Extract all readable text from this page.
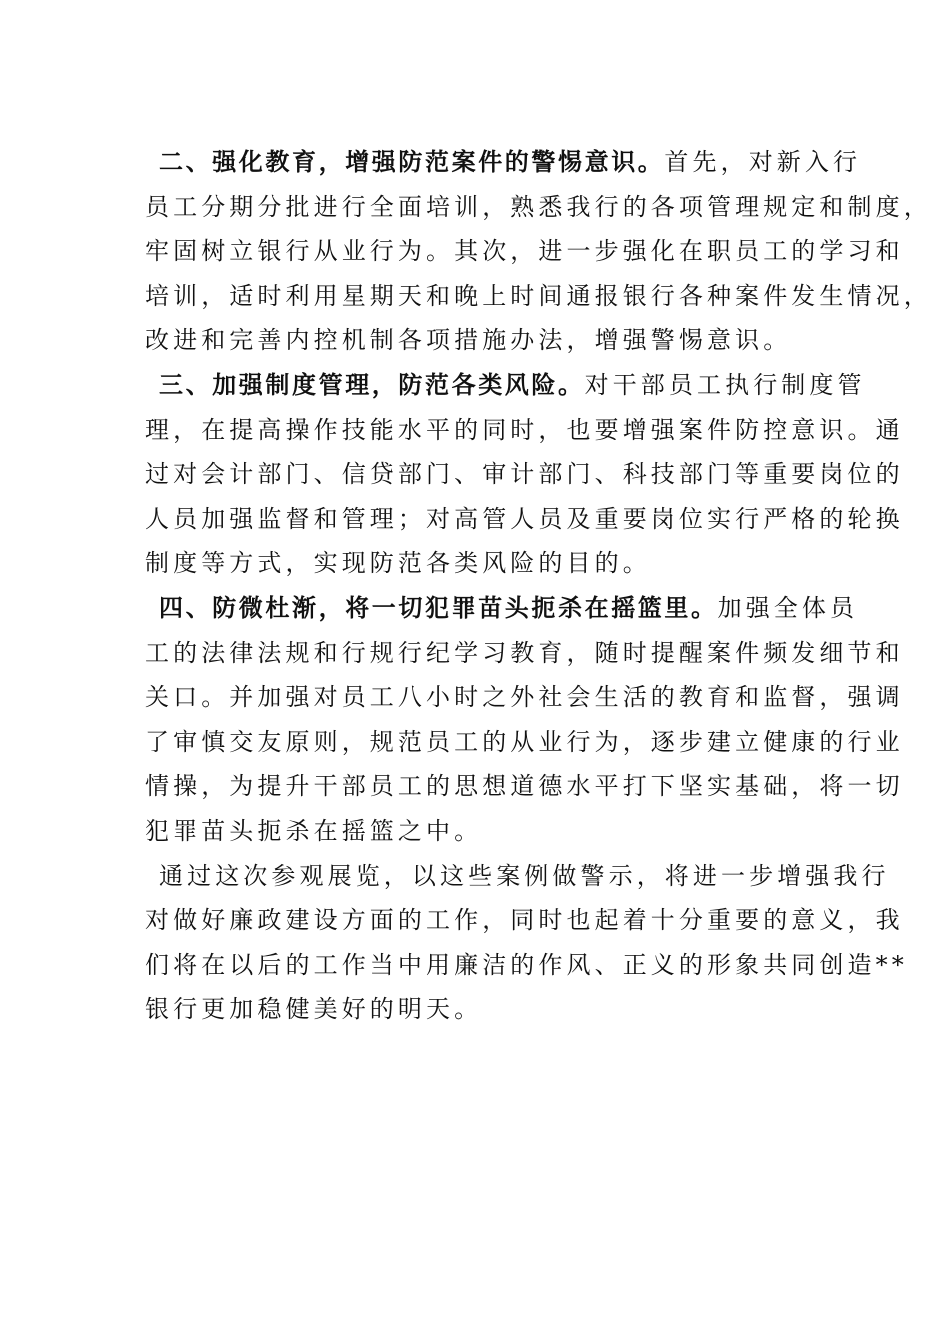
二、强化教育，增强防范案件的警惕意识。首先，对新入行
员工分期分批进行全面培训，熟悉我行的各项管理规定和制度，
牢固树立银行从业行为。其次，进一步强化在职员工的学习和
培训，适时利用星期天和晚上时间通报银行各种案件发生情况，
改进和完善内控机制各项措施办法，增强警惕意识。
三、加强制度管理，防范各类风险。对干部员工执行制度管
理，在提高操作技能水平的同时，也要增强案件防控意识。通
过对会计部门、信贷部门、审计部门、科技部门等重要岗位的
人员加强监督和管理；对高管人员及重要岗位实行严格的轮换
制度等方式，实现防范各类风险的目的。
四、防微杜渐，将一切犯罪苗头扼杀在摇篮里。加强全体员
工的法律法规和行规行纪学习教育，随时提醒案件频发细节和
关口。并加强对员工八小时之外社会生活的教育和监督，强调
了审慎交友原则，规范员工的从业行为，逐步建立健康的行业
情操，为提升干部员工的思想道德水平打下坚实基础，将一切
犯罪苗头扼杀在摇篮之中。
通过这次参观展览，以这些案例做警示，将进一步增强我行
对做好廉政建设方面的工作，同时也起着十分重要的意义，我
们将在以后的工作当中用廉洁的作风、正义的形象共同创造**
银行更加稳健美好的明天。
